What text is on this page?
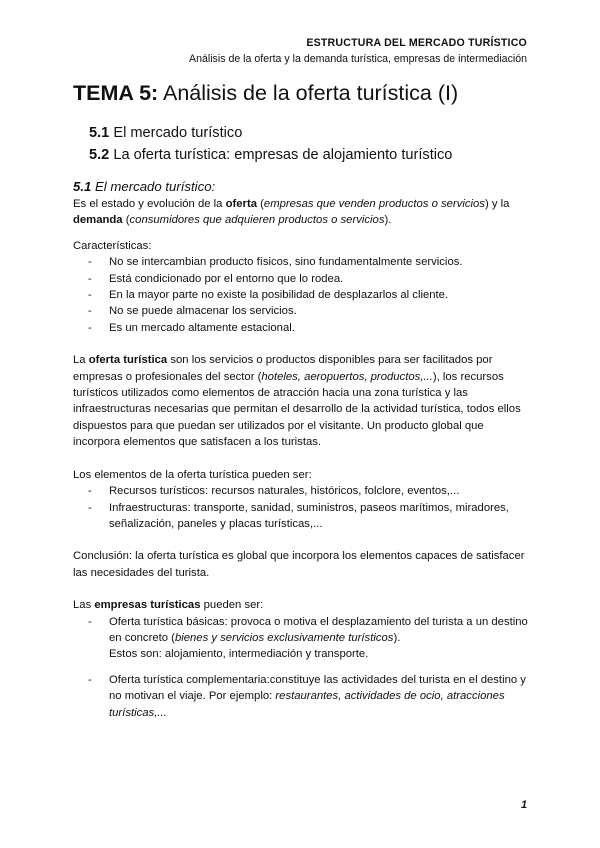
ESTRUCTURA DEL MERCADO TURÍSTICO
Análisis de la oferta y la demanda turística, empresas de intermediación
TEMA 5: Análisis de la oferta turística (I)
5.1 El mercado turístico
5.2 La oferta turística: empresas de alojamiento turístico
5.1 El mercado turístico:

Es el estado y evolución de la oferta (empresas que venden productos o servicios) y la demanda (consumidores que adquieren productos o servicios).

Características:

- No se intercambian producto físicos, sino fundamentalmente servicios.
- Está condicionado por el entorno que lo rodea.
- En la mayor parte no existe la posibilidad de desplazarlos al cliente.
- No se puede almacenar los servicios.
- Es un mercado altamente estacional.

La oferta turística son los servicios o productos disponibles para ser facilitados por empresas o profesionales del sector (hoteles, aeropuertos, productos,...), los recursos turísticos utilizados como elementos de atracción hacia una zona turística y las infraestructuras necesarias que permitan el desarrollo de la actividad turística, todos ellos dispuestos para que puedan ser utilizados por el visitante. Un producto global que incorpora elementos que satisfacen a los turistas.

Los elementos de la oferta turística pueden ser:

- Recursos turísticos: recursos naturales, históricos, folclore, eventos,...
- Infraestructuras: transporte, sanidad, suministros, paseos marítimos, miradores, señalización, paneles y placas turísticas,...

Conclusión: la oferta turística es global que incorpora los elementos capaces de satisfacer las necesidades del turista.

Las empresas turísticas pueden ser:

- Oferta turística básicas: provoca o motiva el desplazamiento del turista a un destino en concreto (bienes y servicios exclusivamente turísticos).
Estos son: alojamiento, intermediación y transporte.
- Oferta turística complementaria:constituye las actividades del turista en el destino y no motivan el viaje. Por ejemplo: restaurantes, actividades de ocio, atracciones turísticas,...
1
